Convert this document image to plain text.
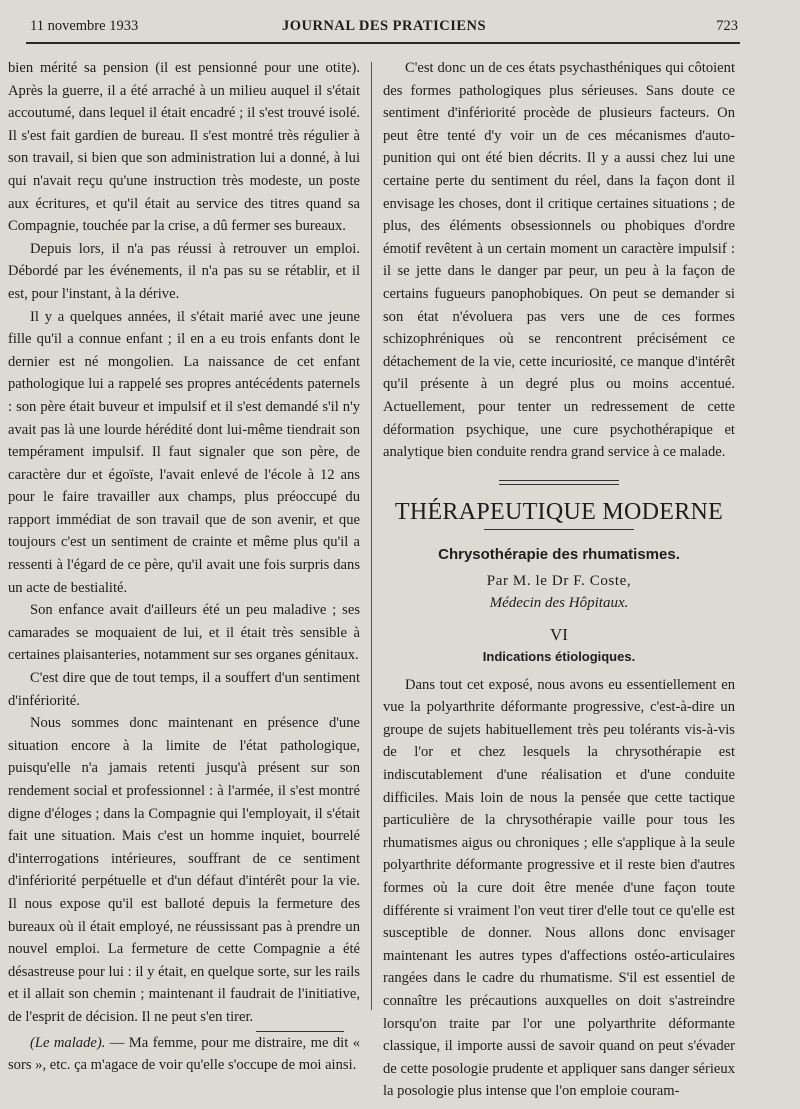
11 novembre 1933	JOURNAL DES PRATICIENS	723

bien mérité sa pension (il est pensionné pour une otite). Après la guerre, il a été arraché à un milieu auquel il s'était accoutumé, dans lequel il était encadré ; il s'est trouvé isolé. Il s'est fait gardien de bureau. Il s'est montré très régulier à son travail, si bien que son administration lui a donné, à lui qui n'avait reçu qu'une instruction très modeste, un poste aux écritures, et qu'il était au service des titres quand sa Compagnie, touchée par la crise, a dû fermer ses bureaux.

Depuis lors, il n'a pas réussi à retrouver un emploi. Débordé par les événements, il n'a pas su se rétablir, et il est, pour l'instant, à la dérive.

Il y a quelques années, il s'était marié avec une jeune fille qu'il a connue enfant ; il en a eu trois enfants dont le dernier est né mongolien. La naissance de cet enfant pathologique lui a rappelé ses propres antécédents paternels : son père était buveur et impulsif et il s'est demandé s'il n'y avait pas là une lourde hérédité dont lui-même tiendrait son tempérament impulsif. Il faut signaler que son père, de caractère dur et égoïste, l'avait enlevé de l'école à 12 ans pour le faire travailler aux champs, plus préoccupé du rapport immédiat de son travail que de son avenir, et que toujours c'est un sentiment de crainte et même plus qu'il a ressenti à l'égard de ce père, qu'il avait une fois surpris dans un acte de bestialité.

Son enfance avait d'ailleurs été un peu maladive ; ses camarades se moquaient de lui, et il était très sensible à certaines plaisanteries, notamment sur ses organes génitaux.

C'est dire que de tout temps, il a souffert d'un sentiment d'infériorité.

Nous sommes donc maintenant en présence d'une situation encore à la limite de l'état pathologique, puisqu'elle n'a jamais retenti jusqu'à présent sur son rendement social et professionnel : à l'armée, il s'est montré digne d'éloges ; dans la Compagnie qui l'employait, il s'était fait une situation. Mais c'est un homme inquiet, bourrelé d'interrogations intérieures, souffrant de ce sentiment d'infériorité perpétuelle et d'un défaut d'intérêt pour la vie. Il nous expose qu'il est balloté depuis la fermeture des bureaux où il était employé, ne réussissant pas à prendre un nouvel emploi. La fermeture de cette Compagnie a été désastreuse pour lui : il y était, en quelque sorte, sur les rails et il allait son chemin ; maintenant il faudrait de l'initiative, de l'esprit de décision. Il ne peut s'en tirer.

(Le malade). — Ma femme, pour me distraire, me dit « sors », etc. ça m'agace de voir qu'elle s'occupe de moi ainsi.

C'est donc un de ces états psychasthéniques qui côtoient des formes pathologiques plus sérieuses. Sans doute ce sentiment d'infériorité procède de plusieurs facteurs. On peut être tenté d'y voir un de ces mécanismes d'auto-punition qui ont été bien décrits. Il y a aussi chez lui une certaine perte du sentiment du réel, dans la façon dont il envisage les choses, dont il critique certaines situations ; de plus, des éléments obsessionnels ou phobiques d'ordre émotif revêtent à un certain moment un caractère impulsif : il se jette dans le danger par peur, un peu à la façon de certains fugueurs panophobiques. On peut se demander si son état n'évoluera pas vers une de ces formes schizophréniques où se rencontrent précisément ce détachement de la vie, cette incuriosité, ce manque d'intérêt qu'il présente à un degré plus ou moins accentué. Actuellement, pour tenter un redressement de cette déformation psychique, une cure psychothérapique et analytique bien conduite rendra grand service à ce malade.

THÉRAPEUTIQUE MODERNE
Chrysothérapie des rhumatismes.
Par M. le Dr F. Coste,
Médecin des Hôpitaux.
VI
Indications étiologiques.

Dans tout cet exposé, nous avons eu essentiellement en vue la polyarthrite déformante progressive, c'est-à-dire un groupe de sujets habituellement très peu tolérants vis-à-vis de l'or et chez lesquels la chrysothérapie est indiscutablement d'une réalisation et d'une conduite difficiles. Mais loin de nous la pensée que cette tactique particulière de la chrysothérapie vaille pour tous les rhumatismes aigus ou chroniques ; elle s'applique à la seule polyarthrite déformante progressive et il reste bien d'autres formes où la cure doit être menée d'une façon toute différente si vraiment l'on veut tirer d'elle tout ce qu'elle est susceptible de donner. Nous allons donc envisager maintenant les autres types d'affections ostéo-articulaires rangées dans le cadre du rhumatisme. S'il est essentiel de connaître les précautions auxquelles on doit s'astreindre lorsqu'on traite par l'or une polyarthrite déformante classique, il importe aussi de savoir quand on peut s'évader de cette posologie prudente et appliquer sans danger sérieux la posologie plus intense que l'on emploie couram-
